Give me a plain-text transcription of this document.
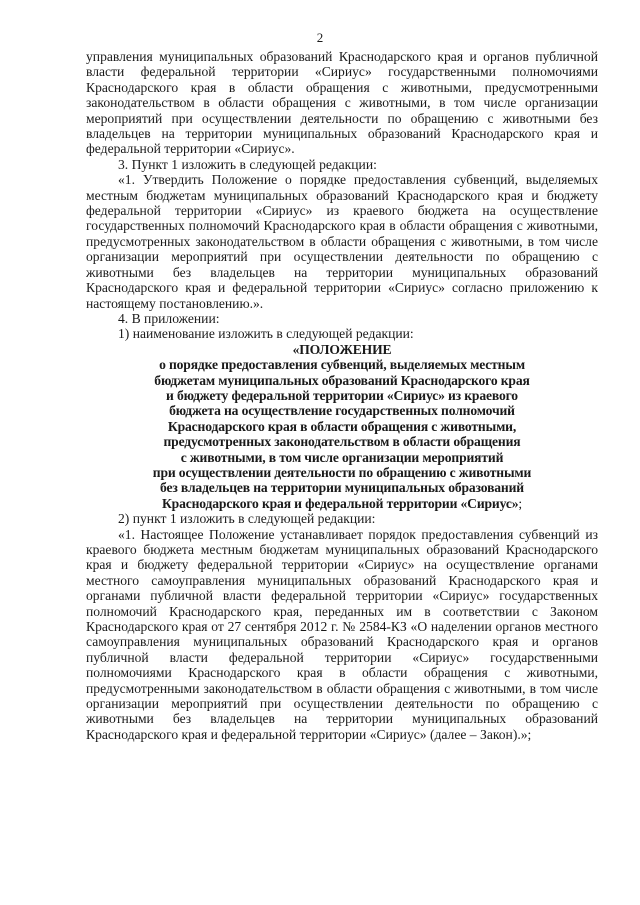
2

управления муниципальных образований Краснодарского края и органов публичной власти федеральной территории «Сириус» государственными полномочиями Краснодарского края в области обращения с животными, предусмотренными законодательством в области обращения с животными, в том числе организации мероприятий при осуществлении деятельности по обращению с животными без владельцев на территории муниципальных образований Краснодарского края и федеральной территории «Сириус».

3. Пункт 1 изложить в следующей редакции:

«1. Утвердить Положение о порядке предоставления субвенций, выделяемых местным бюджетам муниципальных образований Краснодарского края и бюджету федеральной территории «Сириус» из краевого бюджета на осуществление государственных полномочий Краснодарского края в области обращения с животными, предусмотренных законодательством в области обращения с животными, в том числе организации мероприятий при осуществлении деятельности по обращению с животными без владельцев на территории муниципальных образований Краснодарского края и федеральной территории «Сириус» согласно приложению к настоящему постановлению.».

4. В приложении:

1) наименование изложить в следующей редакции:

«ПОЛОЖЕНИЕ

о порядке предоставления субвенций, выделяемых местным

бюджетам муниципальных образований Краснодарского края

и бюджету федеральной территории «Сириус» из краевого

бюджета на осуществление государственных полномочий

Краснодарского края в области обращения с животными,

предусмотренных законодательством в области обращения

с животными, в том числе организации мероприятий

при осуществлении деятельности по обращению с животными

без владельцев на территории муниципальных образований

Краснодарского края и федеральной территории «Сириус»;

2) пункт 1 изложить в следующей редакции:

«1. Настоящее Положение устанавливает порядок предоставления субвенций из краевого бюджета местным бюджетам муниципальных образований Краснодарского края и бюджету федеральной территории «Сириус» на осуществление органами местного самоуправления муниципальных образований Краснодарского края и органами публичной власти федеральной территории «Сириус» государственных полномочий Краснодарского края, переданных им в соответствии с Законом Краснодарского края от 27 сентября 2012 г. № 2584-КЗ «О наделении органов местного самоуправления муниципальных образований Краснодарского края и органов публичной власти федеральной территории «Сириус» государственными полномочиями Краснодарского края в области обращения с животными, предусмотренными законодательством в области обращения с животными, в том числе организации мероприятий при осуществлении деятельности по обращению с животными без владельцев на территории муниципальных образований Краснодарского края и федеральной территории «Сириус» (далее – Закон).»;
